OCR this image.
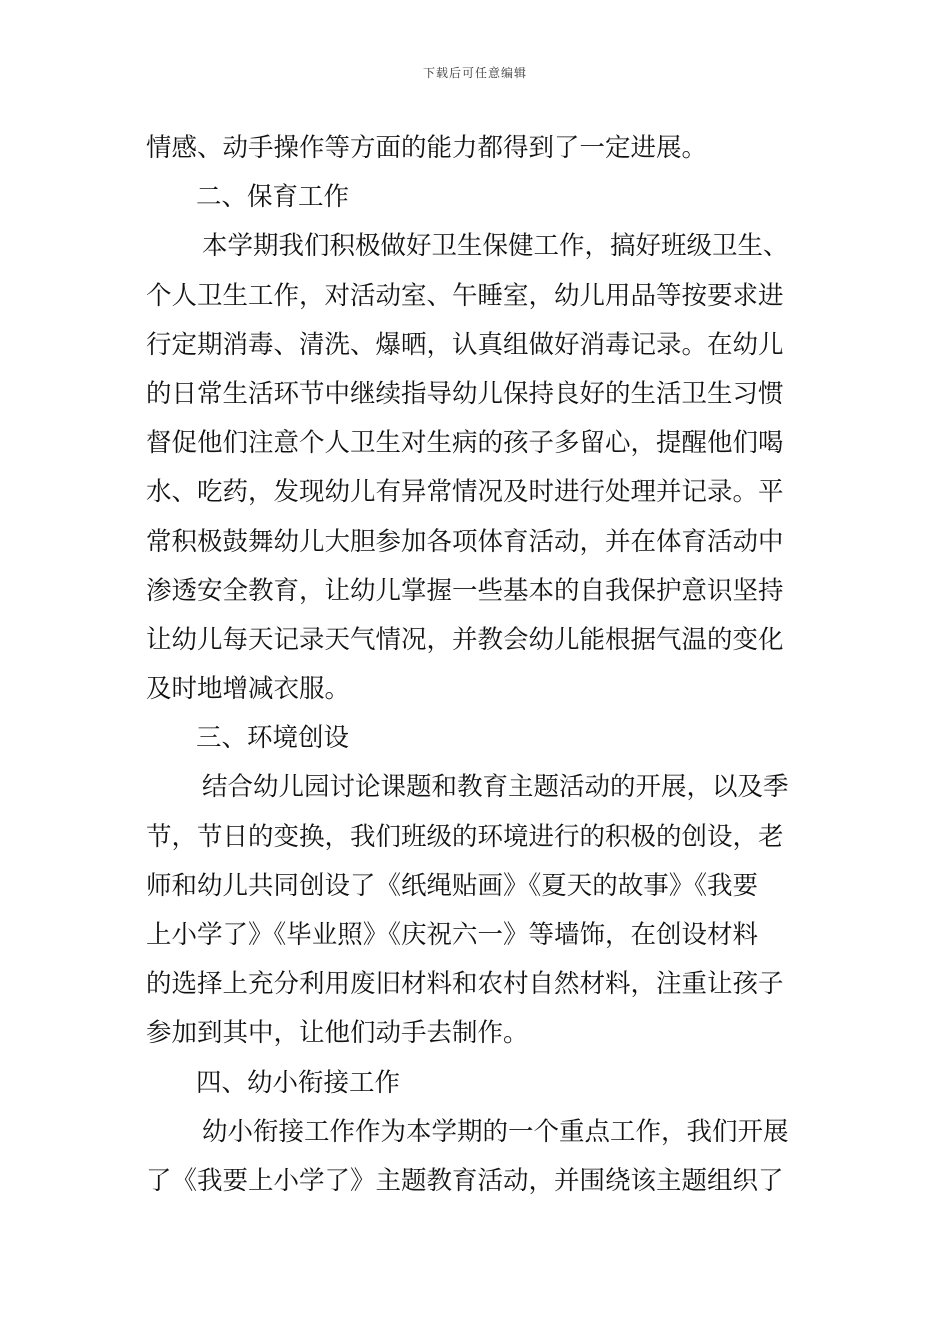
下载后可任意编辑
情感、动手操作等方面的能力都得到了一定进展。
二、保育工作
本学期我们积极做好卫生保健工作，搞好班级卫生、
个人卫生工作，对活动室、午睡室，幼儿用品等按要求进
行定期消毒、清洗、爆晒，认真组做好消毒记录。在幼儿
的日常生活环节中继续指导幼儿保持良好的生活卫生习惯
督促他们注意个人卫生对生病的孩子多留心，提醒他们喝
水、吃药，发现幼儿有异常情况及时进行处理并记录。平
常积极鼓舞幼儿大胆参加各项体育活动，并在体育活动中
渗透安全教育，让幼儿掌握一些基本的自我保护意识坚持
让幼儿每天记录天气情况，并教会幼儿能根据气温的变化
及时地增减衣服。
三、环境创设
结合幼儿园讨论课题和教育主题活动的开展，以及季
节，节日的变换，我们班级的环境进行的积极的创设，老
师和幼儿共同创设了《纸绳贴画》《夏天的故事》《我要
上小学了》《毕业照》《庆祝六一》等墙饰，在创设材料
的选择上充分利用废旧材料和农村自然材料，注重让孩子
参加到其中，让他们动手去制作。
四、幼小衔接工作
幼小衔接工作作为本学期的一个重点工作，我们开展
了《我要上小学了》主题教育活动，并围绕该主题组织了
